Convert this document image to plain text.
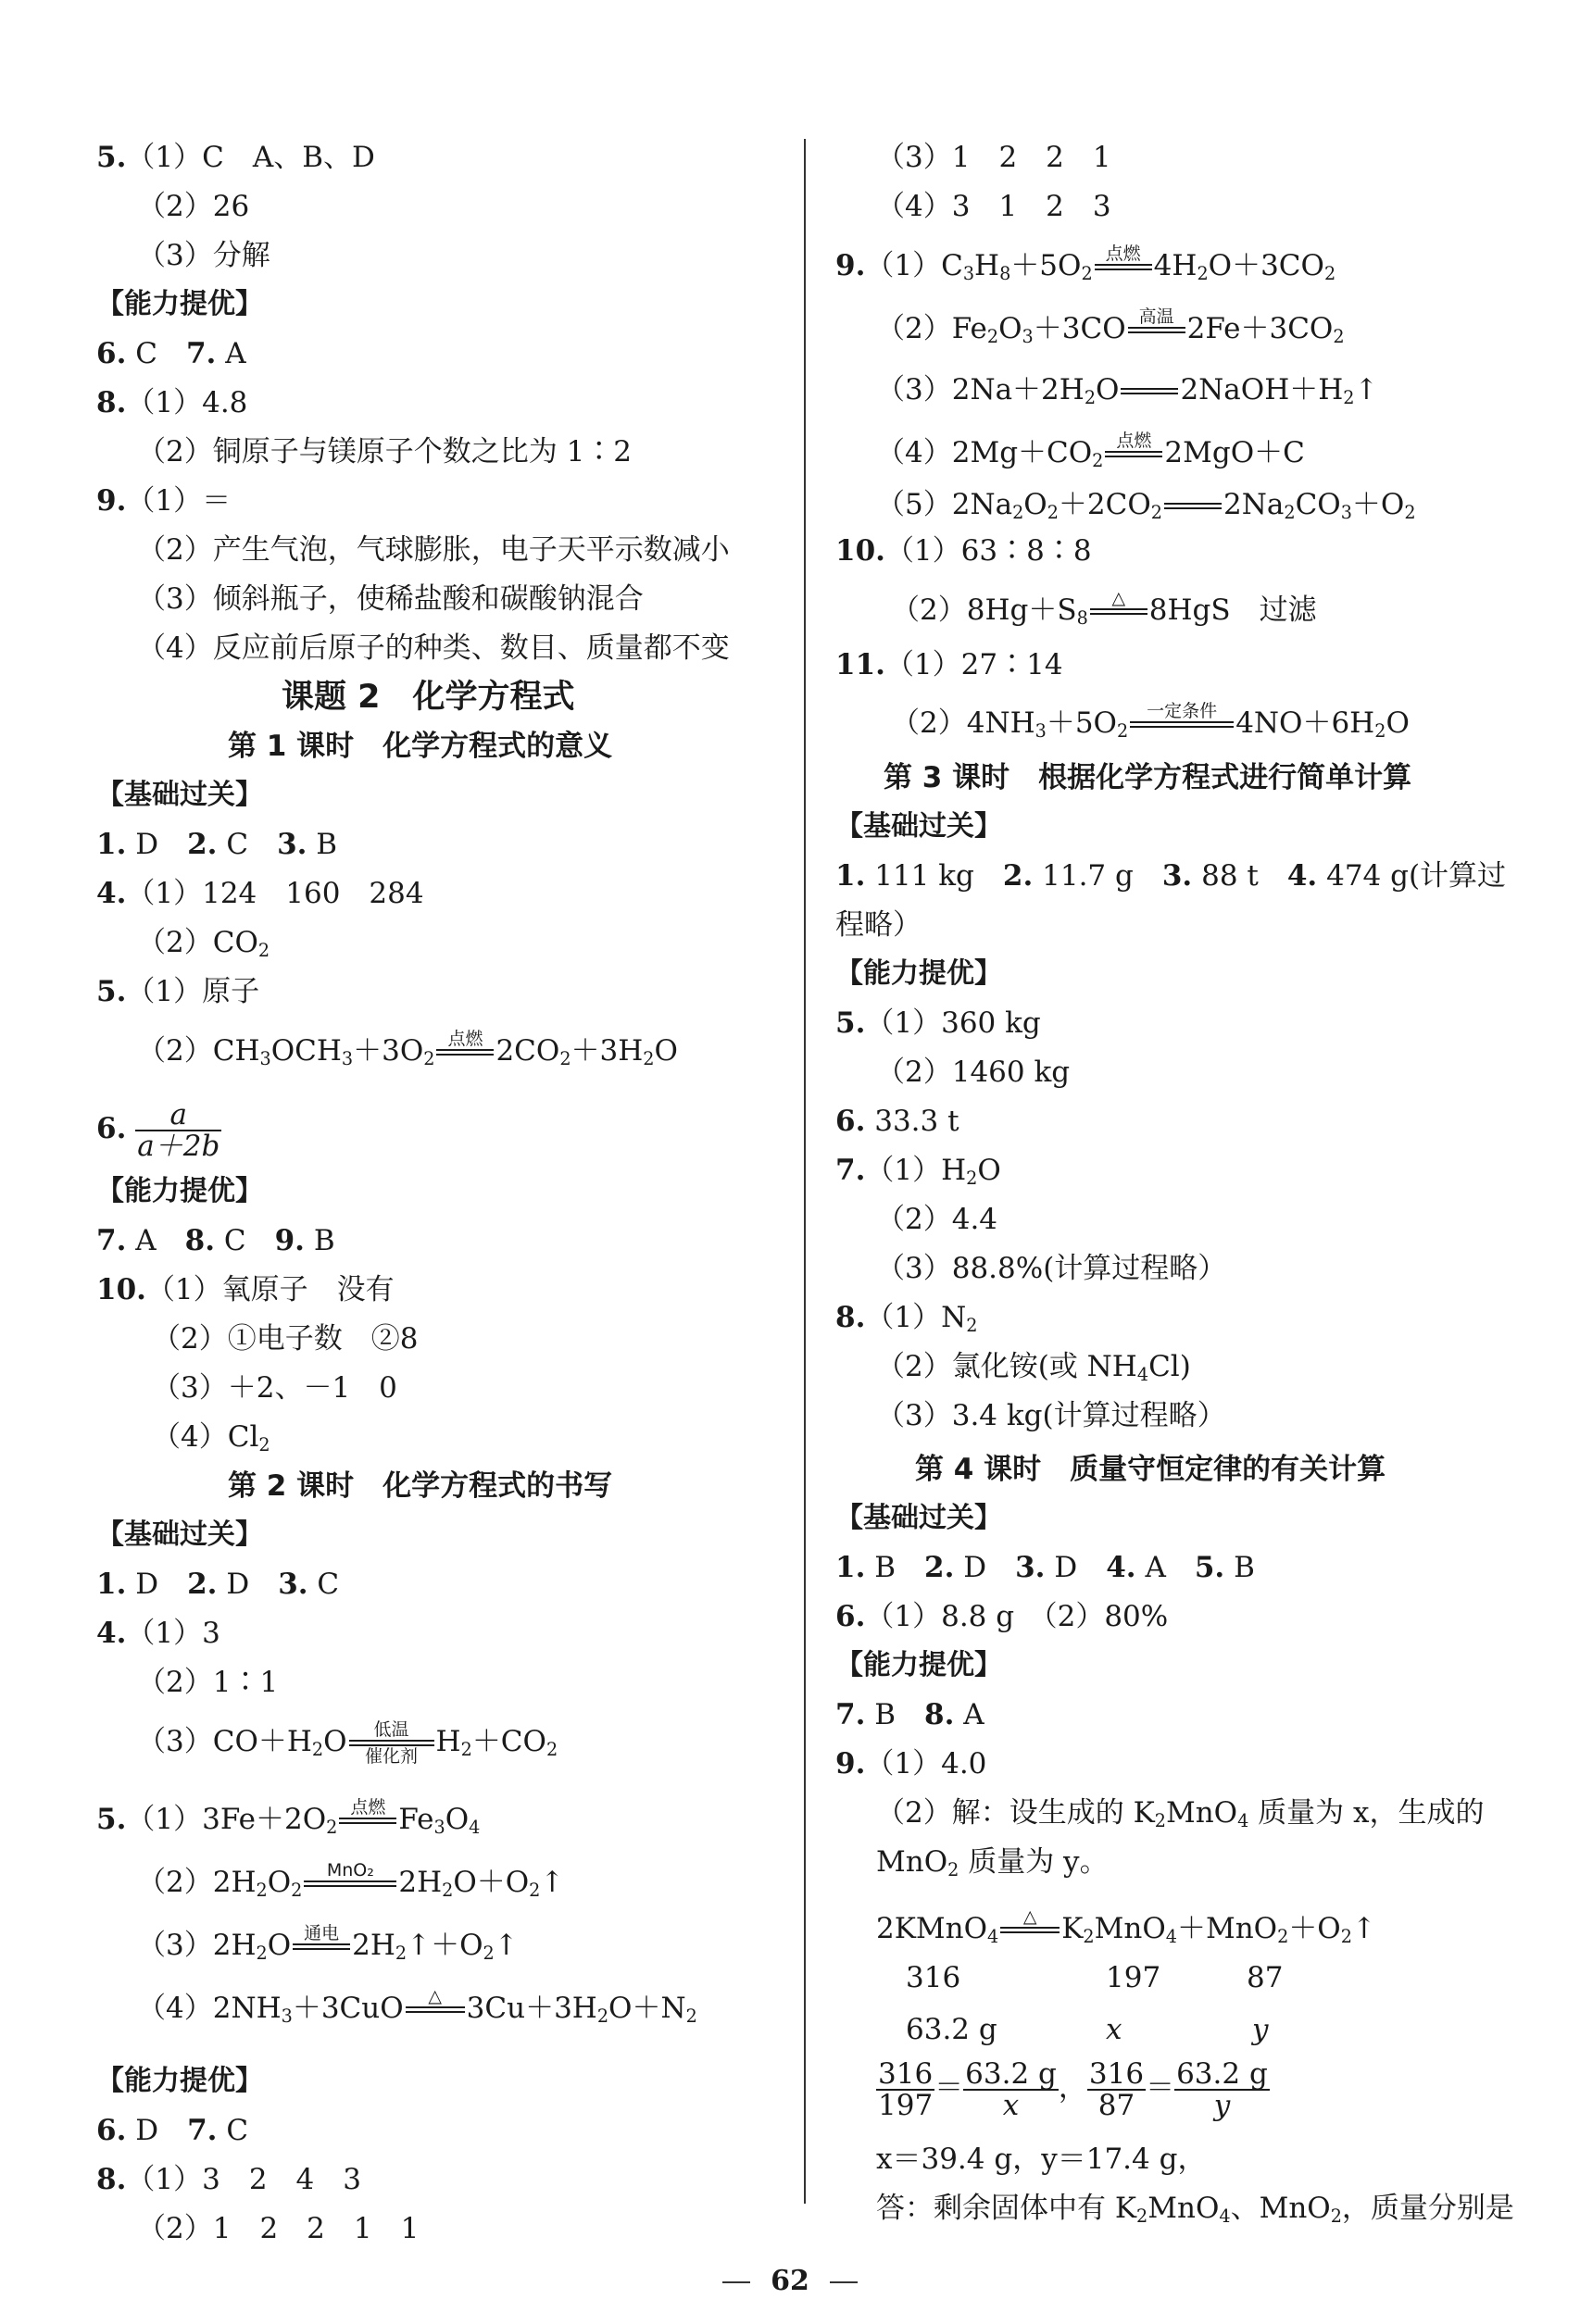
5.（1）C　A、B、D
（2）26
（3）分解
【能力提优】
6. C　 7. A
8.（1）4.8
（2）铜原子与镁原子个数之比为 1∶2
9.（1）＝
（2）产生气泡，气球膨胀，电子天平示数减小
（3）倾斜瓶子，使稀盐酸和碳酸钠混合
（4）反应前后原子的种类、数目、质量都不变
课题 2　化学方程式
第 1 课时　化学方程式的意义
【基础过关】
1. D　 2. C　 3. B
4.（1）124　160　284
$(2)CO_2$
5.（1）原子
$(2)CH_3OCH_3+3O_2$
点燃
$2CO_2+3H_2O$
6. $\frac{a}{a+2b}$
【能力提优】
7. A　 8. C　 9. B
10.（1）氧原子　没有
（2）①电子数　②8
（3）＋2、－1　0
$(4)Cl_2$
第 2 课时　化学方程式的书写
【基础过关】
1. D　 2. D　 3. C
4.（1）3
（2）1∶1
$(3)CO+H_2O$	低温
催化剂 $H_2+CO_2$
$5.(1)3Fe+2O_2$
点燃
$Fe_3O_4$
$(2)2H_2O_2$
MnO₂
$2H_2O+O_2↑$
$(3)2H_2O$ 通电
$2H_2↑+O_2↑$
$(4)2NH_3+3CuO$	△
$3Cu+3H_2O+N_2$
【能力提优】
6. D　 7. C
8.（1）3　2　4　3
（2）1　2　2　1　1
（3）1　2　2　1
（4）3　1　2　3
$9.(1)C_3H_8+5O_2$
点燃
$4H_2O+3CO_2$
$(2)Fe_2O_3+3CO$ 高温
$2Fe+3CO_2$
$(3)2Na+2H_2O$

$2NaOH+H_2↑$
$(4)2Mg+CO_2$
点燃
2MgO＋C
$(5)2Na_2O_2+2CO_2$

$2Na_2CO_3+O_2$
10.（1）63∶8∶8
$(2)8Hg+S_8$
△
8HgS　过滤
11.（1）27∶14
$(2)4NH_3+5O_2$
一定条件
$4NO+6H_2O$
第 3 课时　根据化学方程式进行简单计算
【基础过关】
1. 111 kg　 2. 11.7 g　 3. 88 t　 4. 474 g(计算过
程略）
【能力提优】
5.（1）360 kg
（2）1460 kg
6. 33.3 t
$7.(1)H_2O$
（2）4.4
（3）88.8%(计算过程略）
$8.(1)N_2$
（2）氯化铵(或 $NH_4Cl$)
（3）3.4 kg(计算过程略）
第 4 课时　质量守恒定律的有关计算
【基础过关】
1. B　 2. D　 3. D　 4. A　 5. B
6.（1）8.8 g　（2）80%
【能力提优】
7. B　 8. A
9.（1）4.0
（2）解：设生成的 $K_2MnO_4$ 质量为 x，生成的
MnO$_2$ 质量为 y。
2KMnO$_4$
△
$K_2MnO_4+MnO_2+O_2↑$
316	197	87
63.2 g	x	y
$\frac{316}{197} = \frac{63.2 g}{x}$ ， $\frac{316}{87} = \frac{63.2 g}{y}$
x＝39.4 g，y＝17.4 g，
答：剩余固体中有 $K_2MnO_4$、MnO$_2$，质量分别是
62
